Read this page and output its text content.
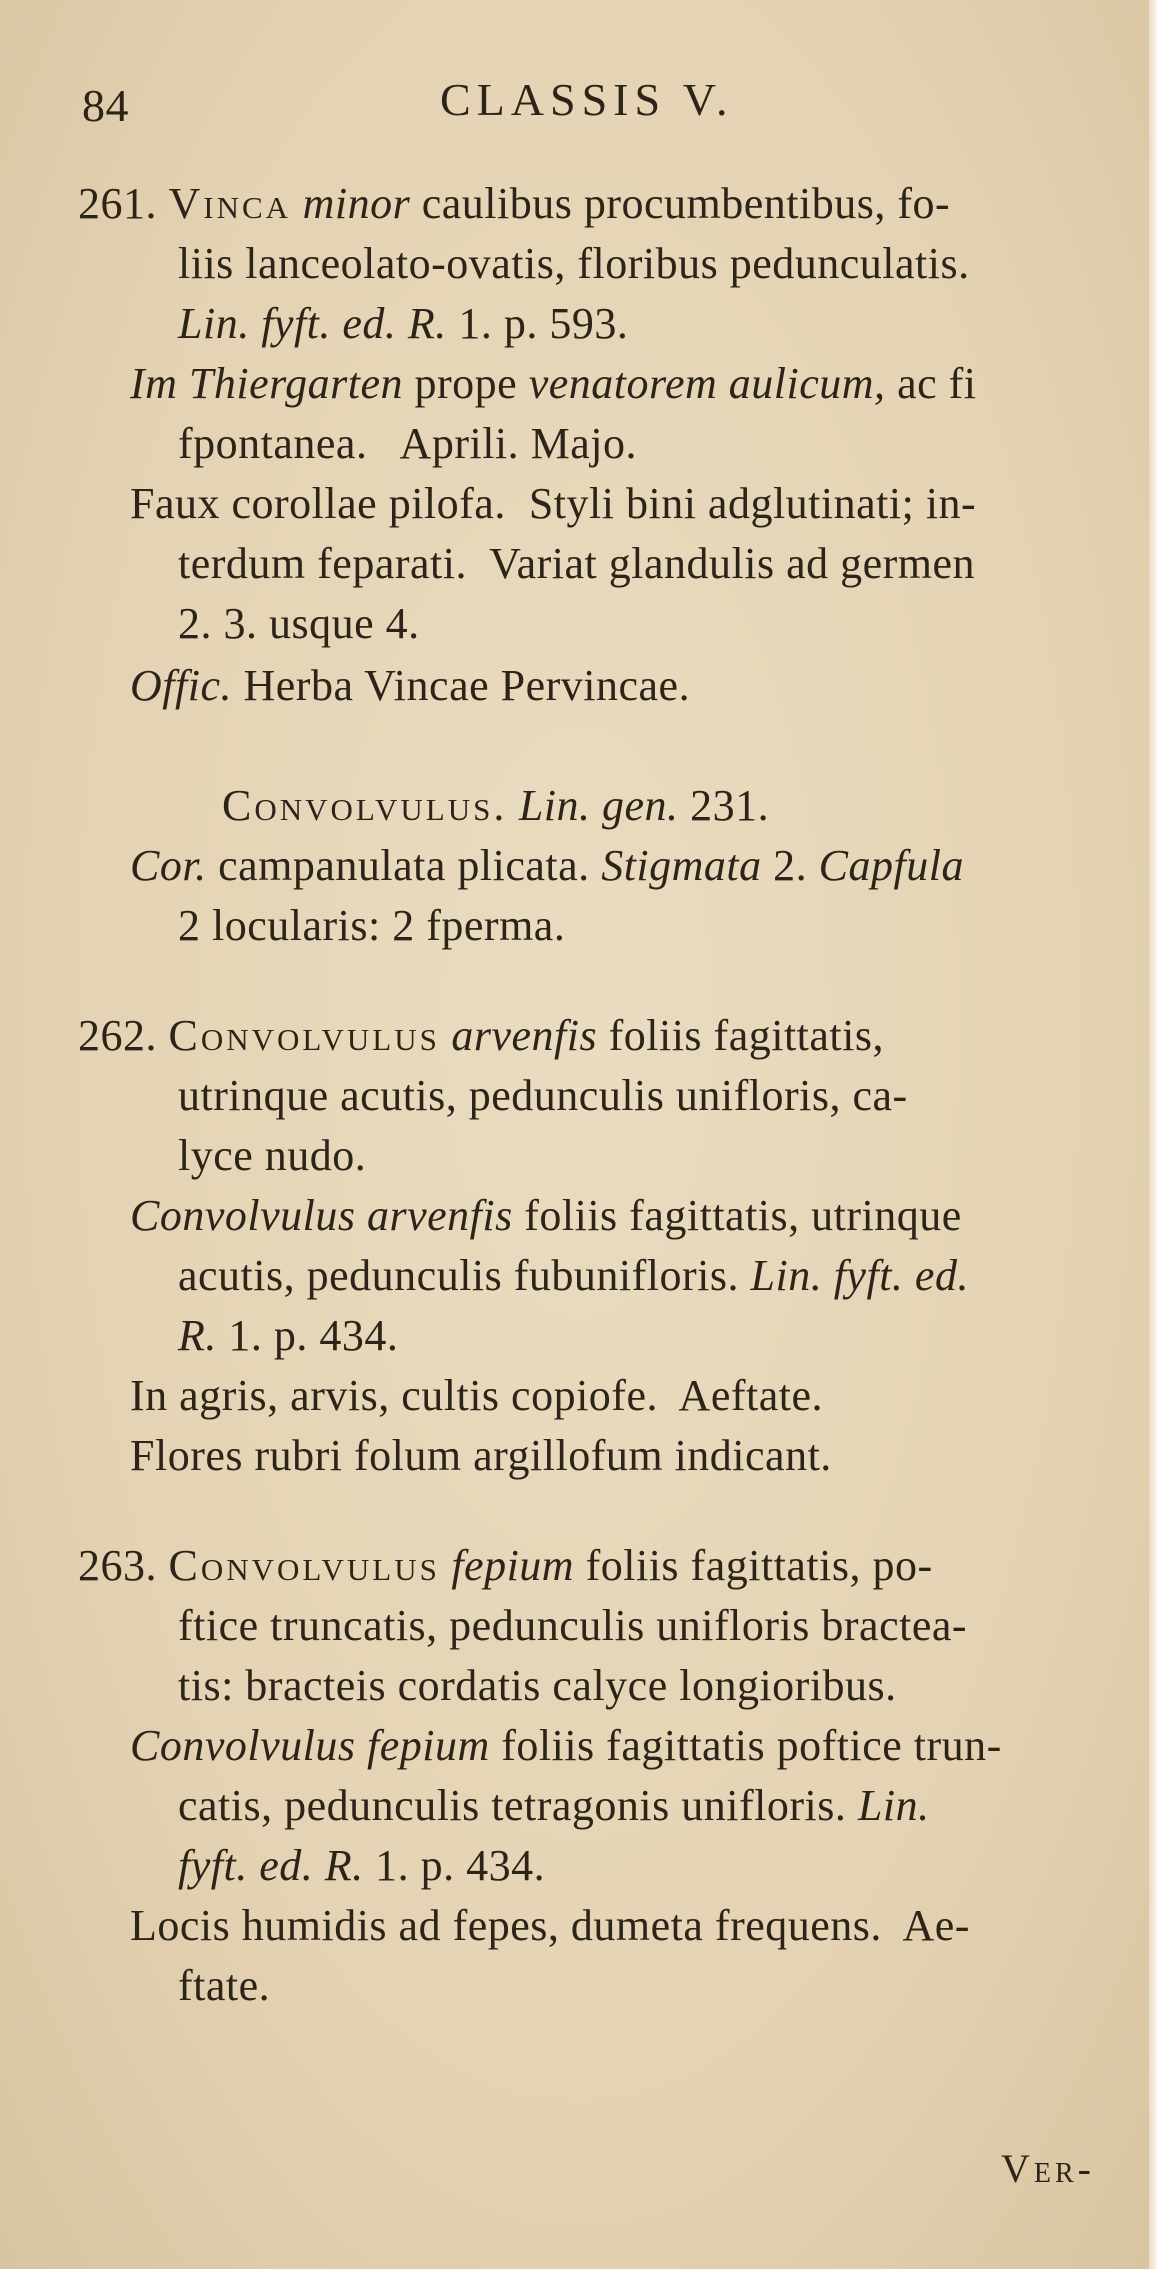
84	CLASSIS V.
261. Vinca minor caulibus procumbentibus, fo-
liis lanceolato-ovatis, floribus pedunculatis.
Lin. fyft. ed. R. 1. p. 593.
Im Thiergarten prope venatorem aulicum, ac fi
fpontanea.   Aprili. Majo.
Faux corollae pilofa.  Styli bini adglutinati; in-
terdum feparati.  Variat glandulis ad germen
2. 3. usque 4.
Offic. Herba Vincae Pervincae.
Convolvulus. Lin. gen. 231.
Cor. campanulata plicata. Stigmata 2. Capfula
2 locularis: 2 fperma.
262. Convolvulus arvenfis foliis fagittatis,
utrinque acutis, pedunculis unifloris, ca-
lyce nudo.
Convolvulus arvenfis foliis fagittatis, utrinque
acutis, pedunculis fubunifloris. Lin. fyft. ed.
R. 1. p. 434.
In agris, arvis, cultis copiofe.  Aeftate.
Flores rubri folum argillofum indicant.
263. Convolvulus fepium foliis fagittatis, po-
ftice truncatis, pedunculis unifloris bractea-
tis: bracteis cordatis calyce longioribus.
Convolvulus fepium foliis fagittatis poftice trun-
catis, pedunculis tetragonis unifloris. Lin.
fyft. ed. R. 1. p. 434.
Locis humidis ad fepes, dumeta frequens.  Ae-
ftate.
Ver-
